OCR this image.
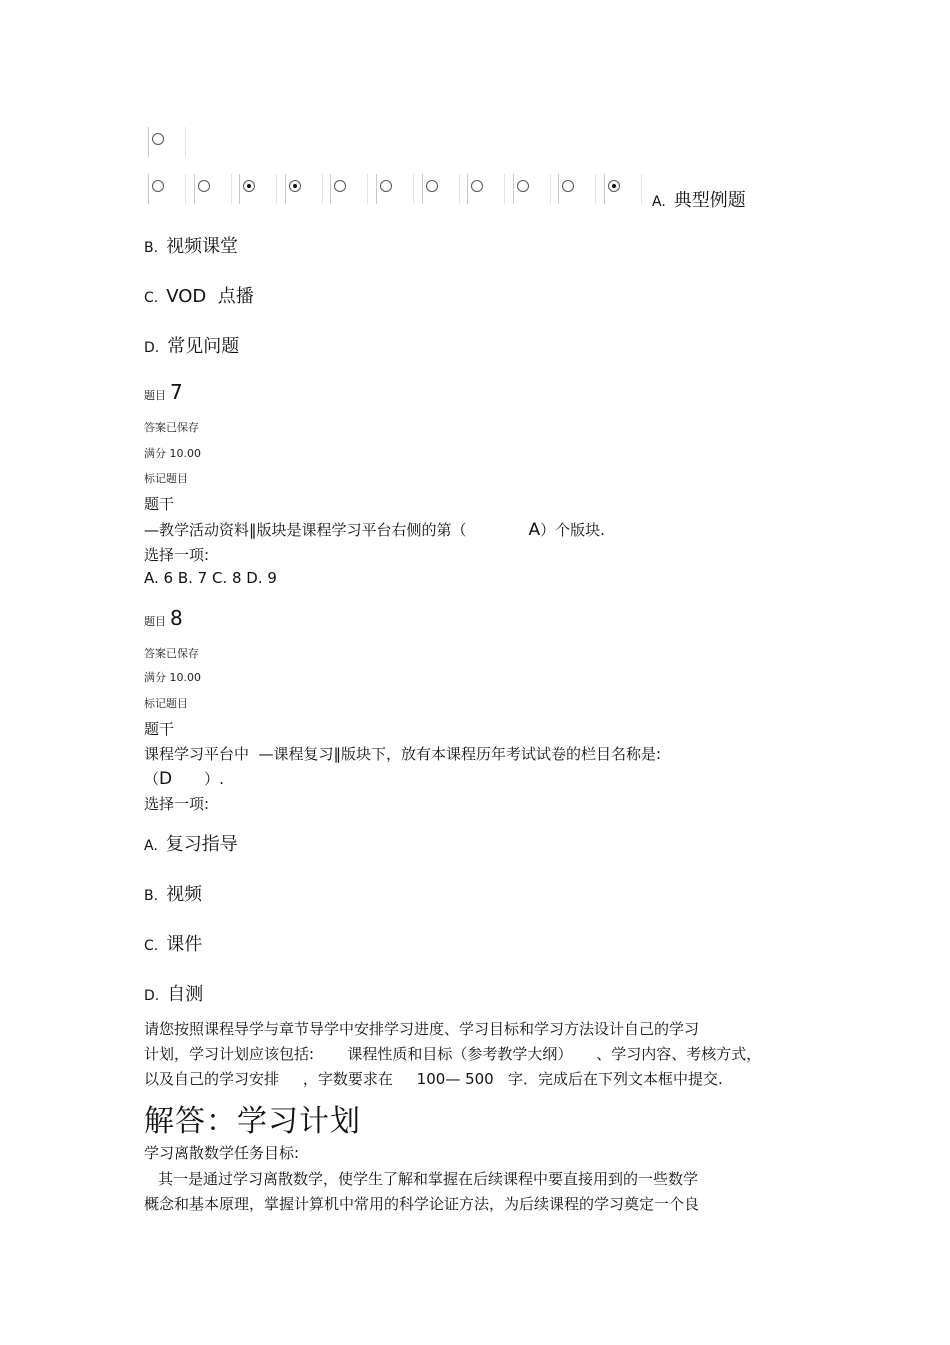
A. 典型例题
B. 视频课堂
C. VOD  点播
D. 常见问题
题目 7
答案已保存
满分 10.00
标记题目
题干
—教学活动资料‖版块是课程学习平台右侧的第（	A）个版块.
选择一项:
A. 6 B. 7 C. 8 D. 9
题目 8
答案已保存
满分 10.00
标记题目
题干
课程学习平台中  —课程复习‖版块下，放有本课程历年考试试卷的栏目名称是:
（D ）.
选择一项:
A. 复习指导
B. 视频
C. 课件
D. 自测
请您按照课程导学与章节导学中安排学习进度、学习目标和学习方法设计自己的学习
计划，学习计划应该包括:       课程性质和目标（参考教学大纲）     、学习内容、考核方式，
以及自己的学习安排     ，字数要求在     100— 500   字．完成后在下列文本框中提交.
解答：学习计划
学习离散数学任务目标:
其一是通过学习离散数学，使学生了解和掌握在后续课程中要直接用到的一些数学
概念和基本原理，掌握计算机中常用的科学论证方法，为后续课程的学习奠定一个良
